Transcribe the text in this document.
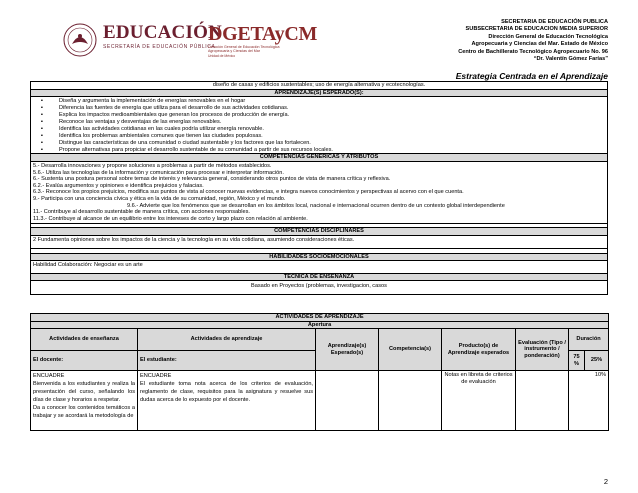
EDUCACIÓN
SECRETARÍA DE EDUCACIÓN PÚBLICA
DGETAyCM
Dirección General de Educación Tecnológica Agropecuaria y Ciencias del Mar
Unidad de México
SECRETARIA DE EDUCACIÓN PUBLICA
SUBSECRETARIA DE EDUCACION MEDIA SUPERIOR
Dirección General de Educación Tecnológica
Agropecuaria y Ciencias del Mar. Estado de México
Centro de Bachillerato Tecnológico Agropecuario No. 96
“Dr. Valentín Gómez Farías”
Estrategia Centrada en el Aprendizaje
diseño de casas y edificios sustentables; uso de energía alternativa y ecotecnologías.
APRENDIZAJE(S) ESPERADO(S):

▪ Diseña y argumenta la implementación de energías renovables en el hogar
▪ Diferencia las fuentes de energía que utiliza para el desarrollo de sus actividades cotidianas.
▪ Explica los impactos medioambientales que generan los procesos de producción de energía.
▪ Reconoce las ventajas y desventajas de las energías renovables.
▪ Identifica las actividades cotidianas en las cuales podría utilizar energía renovable.
▪ Identifica los problemas ambientales comunes que tienen las ciudades populosas.
▪ Distingue las características de una comunidad o ciudad sustentable y los factores que las fortalecen.
▪ Propone alternativas para propiciar el desarrollo sustentable de su comunidad a partir de sus recursos locales.

COMPETENCIAS GENÉRICAS Y ATRIBUTOS

5.- Desarrolla innovaciones y propone soluciones a problemas a partir de métodos establecidos.
5.6.- Utiliza las tecnologías de la información y comunicación para procesar e interpretar información.
6.- Sustenta una postura personal sobre temas de interés y relevancia general, considerando otros puntos de vista de manera crítica y reflexiva.
6.2.- Evalúa argumentos y opiniones e identifica prejuicios y falacias.
6.3.- Reconoce los propios prejuicios, modifica sus puntos de vista al conocer nuevas evidencias, e integra nuevos conocimientos y perspectivas al acervo con el que cuenta.
9.- Participa con una conciencia cívica y ética en la vida de su comunidad, región, México y el mundo.
9.6.- Advierte que los fenómenos que se desarrollan en los ámbitos local, nacional e internacional ocurren dentro de un contexto global interdependiente
11.- Contribuye al desarrollo sustentable de manera crítica, con acciones responsables.
11.3.- Contribuye al alcance de un equilibrio entre los intereses de corto y largo plazo con relación al ambiente.

COMPETENCIAS DISCIPLINARES
2 Fundamenta opiniones sobre los impactos de la ciencia y la tecnología en su vida cotidiana, asumiendo consideraciones éticas.

HABILIDADES SOCIOEMOCIONALES
Habilidad Colaboración: Negociar es un arte
TECNICA DE ENSEÑANZA
Basado en Proyectos (problemas, investigacion, casos
ACTIVIDADES DE APRENDIZAJE							
Apertura							
Actividades de enseñanza	Actividades de aprendizaje	Aprendizaje(s) Esperado(s)	Competencia(s)	Producto(s) de Aprendizaje esperados	Evaluación (Tipo / instrumento / ponderación)	Duración	
El docente:	El estudiante:					75 %	25%
ENCUADRE
Bienvenida a los estudiantes y realiza la presentación del curso, señalando los días de clase y horarios a respetar.
Da a conocer los contenidos temáticos a trabajar y se acordará la metodología de	ENCUADRE
El estudiante toma nota acerca de los criterios de evaluación, reglamento de clase, requisitos para la asignatura y resuelve sus dudas acerca de lo expuesto por el docente.			Notas en libreta de criterios de evaluación		10%	
2
